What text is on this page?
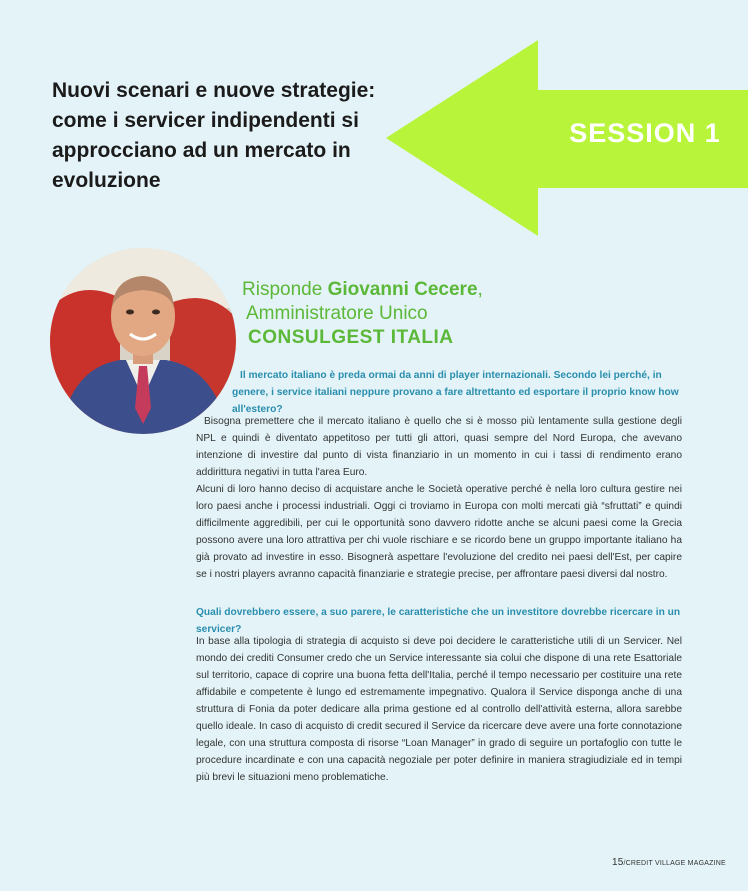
SESSION 1
Nuovi scenari e nuove strategie: come i servicer indipendenti si approcciano ad un mercato in evoluzione
Risponde Giovanni Cecere,
Amministratore Unico
CONSULGEST ITALIA

Il mercato italiano è preda ormai da anni di player internazionali. Secondo lei perché, in genere, i service italiani neppure provano a fare altrettanto ed esportare il proprio know how all'estero?

Bisogna premettere che il mercato italiano è quello che si è mosso più lentamente sulla gestione degli NPL e quindi è diventato appetitoso per tutti gli attori, quasi sempre del Nord Europa, che avevano intenzione di investire dal punto di vista finanziario in un momento in cui i tassi di rendimento erano addirittura negativi in tutta l'area Euro.

Alcuni di loro hanno deciso di acquistare anche le Società operative perché è nella loro cultura gestire nei loro paesi anche i processi industriali. Oggi ci troviamo in Europa con molti mercati già “sfruttati” e quindi difficilmente aggredibili, per cui le opportunità sono davvero ridotte anche se alcuni paesi come la Grecia possono avere una loro attrattiva per chi vuole rischiare e se ricordo bene un gruppo importante italiano ha già provato ad investire in esso. Bisognerà aspettare l'evoluzione del credito nei paesi dell'Est, per capire se i nostri players avranno capacità finanziarie e strategie precise, per affrontare paesi diversi dal nostro.

Quali dovrebbero essere, a suo parere, le caratteristiche che un investitore dovrebbe ricercare in un servicer?

In base alla tipologia di strategia di acquisto si deve poi decidere le caratteristiche utili di un Servicer. Nel mondo dei crediti Consumer credo che un Service interessante sia colui che dispone di una rete Esattoriale sul territorio, capace di coprire una buona fetta dell'Italia, perché il tempo necessario per costituire una rete affidabile e competente è lungo ed estremamente impegnativo. Qualora il Service disponga anche di una struttura di Fonia da poter dedicare alla prima gestione ed al controllo dell'attività esterna, allora sarebbe quello ideale. In caso di acquisto di credit secured il Service da ricercare deve avere una forte connotazione legale, con una struttura composta di risorse “Loan Manager” in grado di seguire un portafoglio con tutte le procedure incardinate e con una capacità negoziale per poter definire in maniera stragiudiziale ed in tempi più brevi le situazioni meno problematiche.

15/CREDIT VILLAGE MAGAZINE
